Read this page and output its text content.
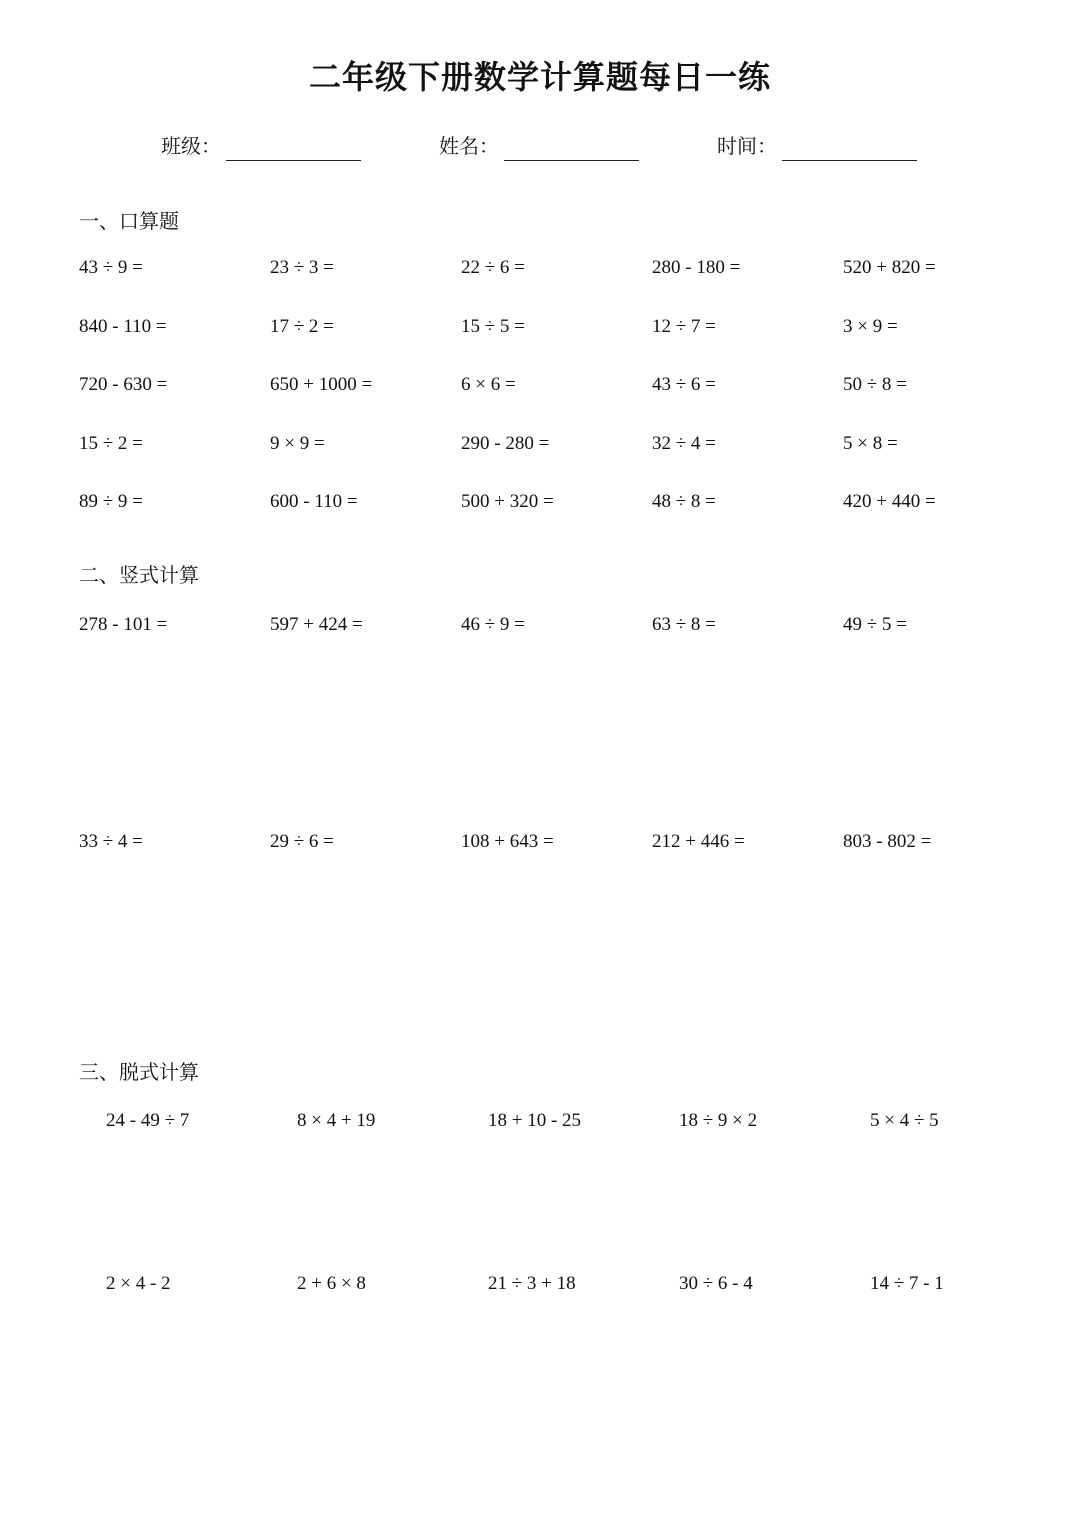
二年级下册数学计算题每日一练
班级：	姓名：	时间：
一、口算题
43 ÷ 9 =	23 ÷ 3 =	22 ÷ 6 =	280 - 180 =	520 + 820 =
840 - 110 =	17 ÷ 2 =	15 ÷ 5 =	12 ÷ 7 =	3 × 9 =
720 - 630 =	650 + 1000 =	6 × 6 =	43 ÷ 6 =	50 ÷ 8 =
15 ÷ 2 =	9 × 9 =	290 - 280 =	32 ÷ 4 =	5 × 8 =
89 ÷ 9 =	600 - 110 =	500 + 320 =	48 ÷ 8 =	420 + 440 =
二、竖式计算
278 - 101 =	597 + 424 =	46 ÷ 9 =	63 ÷ 8 =	49 ÷ 5 =
33 ÷ 4 =	29 ÷ 6 =	108 + 643 =	212 + 446 =	803 - 802 =
三、脱式计算
24 - 49 ÷ 7	8 × 4 + 19	18 + 10 - 25	18 ÷ 9 × 2	5 × 4 ÷ 5
2 × 4 - 2	2 + 6 × 8	21 ÷ 3 + 18	30 ÷ 6 - 4	14 ÷ 7 - 1
